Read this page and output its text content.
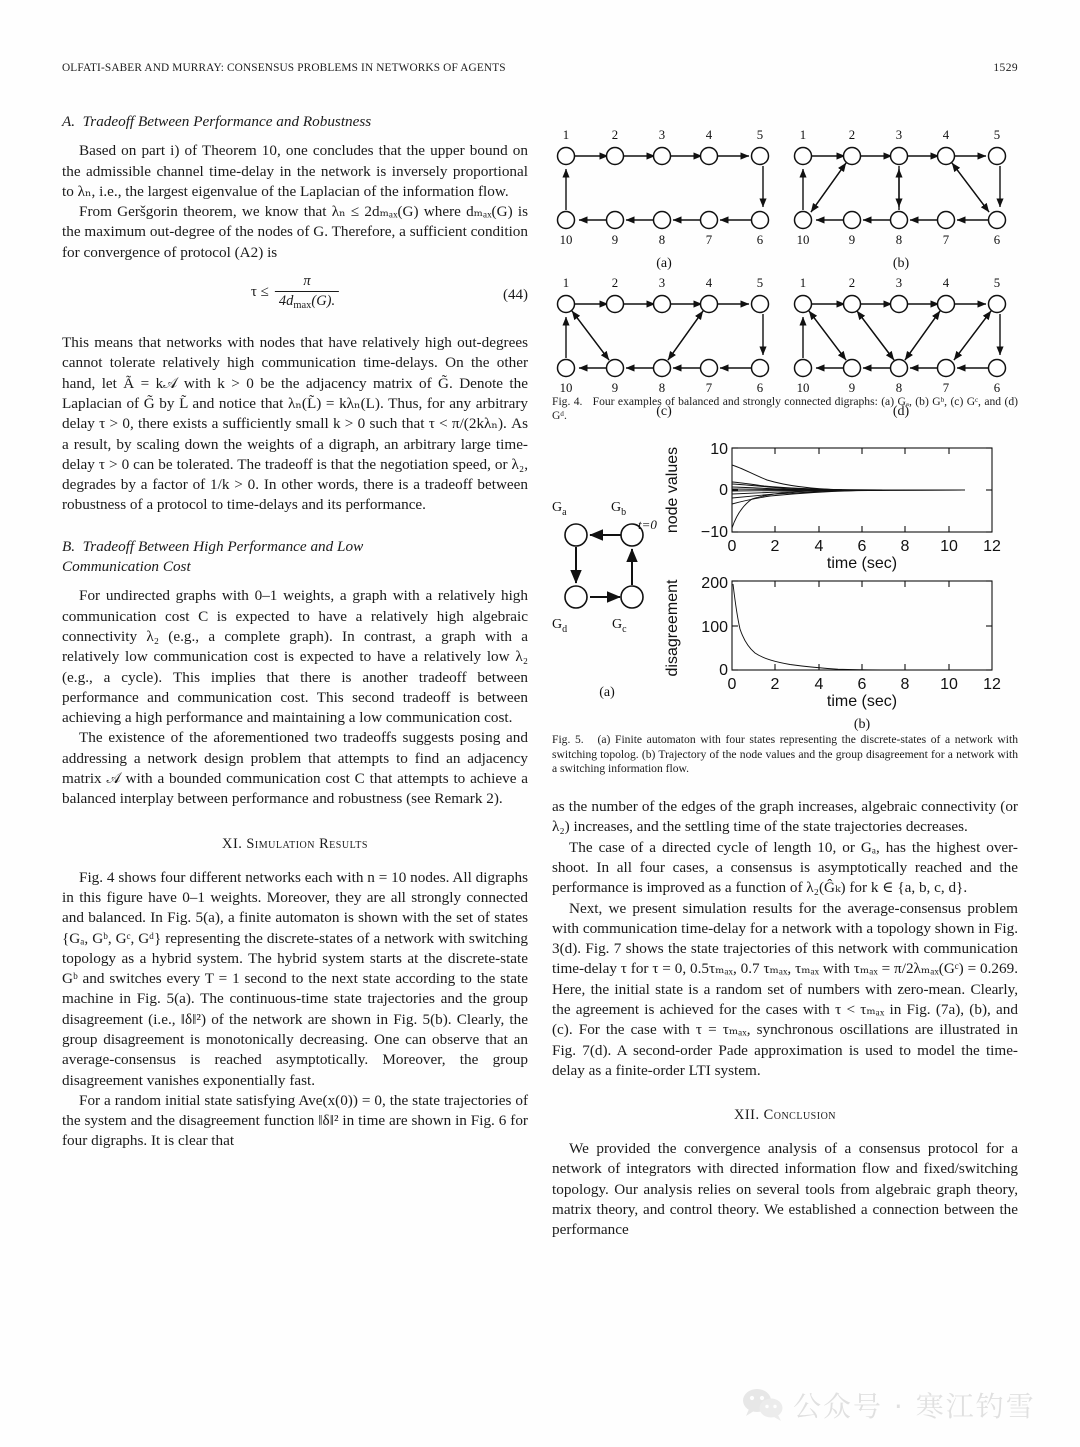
OLFATI-SABER AND MURRAY: CONSENSUS PROBLEMS IN NETWORKS OF AGENTS	1529
A. Tradeoff Between Performance and Robustness

Based on part i) of Theorem 10, one concludes that the upper bound on the admissible channel time-delay in the network is inversely proportional to λₙ, i.e., the largest eigenvalue of the Laplacian of the information flow.

From Geršgorin theorem, we know that λₙ ≤ 2dₘₐₓ(G) where dₘₐₓ(G) is the maximum out-degree of the nodes of G. Therefore, a sufficient condition for convergence of protocol (A2) is

$\tau \le \frac{\pi}{4d_{max}(G).}$	(44)

This means that networks with nodes that have relatively high out-degrees cannot tolerate relatively high communication time-delays. On the other hand, let Ã = k𝒜 with k > 0 be the adjacency matrix of G̃. Denote the Laplacian of G̃ by L̃ and notice that λₙ(L̃) = kλₙ(L). Thus, for any arbitrary delay τ > 0, there exists a sufficiently small k > 0 such that τ < π/(2kλₙ). As a result, by scaling down the weights of a digraph, an arbitrary large time-delay τ > 0 can be tolerated. The tradeoff is that the negotiation speed, or λ₂, degrades by a factor of 1/k > 0. In other words, there is a tradeoff between robustness of a protocol to time-delays and its performance.

B. Tradeoff Between High Performance and Low
Communication Cost

For undirected graphs with 0–1 weights, a graph with a relatively high communication cost C is expected to have a relatively high algebraic connectivity λ₂ (e.g., a complete graph). In contrast, a graph with a relatively low communication cost is expected to have a relatively low λ₂ (e.g., a cycle). This implies that there is another tradeoff between performance and communication cost. This second tradeoff is between achieving a high performance and maintaining a low communication cost.

The existence of the aforementioned two tradeoffs suggests posing and addressing a network design problem that attempts to find an adjacency matrix 𝒜 with a bounded communication cost C that attempts to achieve a balanced interplay between performance and robustness (see Remark 2).

XI. Simulation Results

Fig. 4 shows four different networks each with n = 10 nodes. All digraphs in this figure have 0–1 weights. Moreover, they are all strongly connected and balanced. In Fig. 5(a), a finite automaton is shown with the set of states {Gₐ, Gᵇ, Gᶜ, Gᵈ} representing the discrete-states of a network with switching topology as a hybrid system. The hybrid system starts at the discrete-state Gᵇ and switches every T = 1 second to the next state according to the state machine in Fig. 5(a). The continuous-time state trajectories and the group disagreement (i.e., ‖δ‖²) of the network are shown in Fig. 5(b). Clearly, the group disagreement is monotonically decreasing. One can observe that an average-consensus is reached asymptotically. Moreover, the group disagreement vanishes exponentially fast.

For a random initial state satisfying Ave(x(0)) = 0, the state trajectories of the system and the disagreement function ‖δ‖² in time are shown in Fig. 6 for four digraphs. It is clear that

1	2	3	4	5
10	9	8	7	6
(a)
1	2	3	4	5
10	9	8	7	6
(b)
1	2	3	4	5
10	9	8	7	6
(c)
1	2	3	4	5
10	9	8	7	6
(d)

Fig. 4. Four examples of balanced and strongly connected digraphs: (a) Gₐ, (b) Gᵇ, (c) Gᶜ, and (d) Gᵈ.

$G_a$	$G_b$
$G_d$	$G_c$
t=0
(a)
10
0
−10
0 2 4 6 8 10 12
time (sec)
node values
200
100
0
0 2 4 6 8 10 12
time (sec)
disagreement
(b)

Fig. 5. (a) Finite automaton with four states representing the discrete-states of a network with switching topolog. (b) Trajectory of the node values and the group disagreement for a network with a switching information flow.

as the number of the edges of the graph increases, algebraic connectivity (or λ₂) increases, and the settling time of the state trajectories decreases.

The case of a directed cycle of length 10, or Gₐ, has the highest over-shoot. In all four cases, a consensus is asymptotically reached and the performance is improved as a function of λ₂(Ĝₖ) for k ∈ {a, b, c, d}.

Next, we present simulation results for the average-consensus problem with communication time-delay for a network with a topology shown in Fig. 3(d). Fig. 7 shows the state trajectories of this network with communication time-delay τ for τ = 0, 0.5τₘₐₓ, 0.7 τₘₐₓ, τₘₐₓ with τₘₐₓ = π/2λₘₐₓ(Gᶜ) = 0.269. Here, the initial state is a random set of numbers with zero-mean. Clearly, the agreement is achieved for the cases with τ < τₘₐₓ in Fig. (7a), (b), and (c). For the case with τ = τₘₐₓ, synchronous oscillations are illustrated in Fig. 7(d). A second-order Pade approximation is used to model the time-delay as a finite-order LTI system.

XII. Conclusion

We provided the convergence analysis of a consensus protocol for a network of integrators with directed information flow and fixed/switching topology. Our analysis relies on several tools from algebraic graph theory, matrix theory, and control theory. We established a connection between the performance

公众号 · 寒江钓雪
